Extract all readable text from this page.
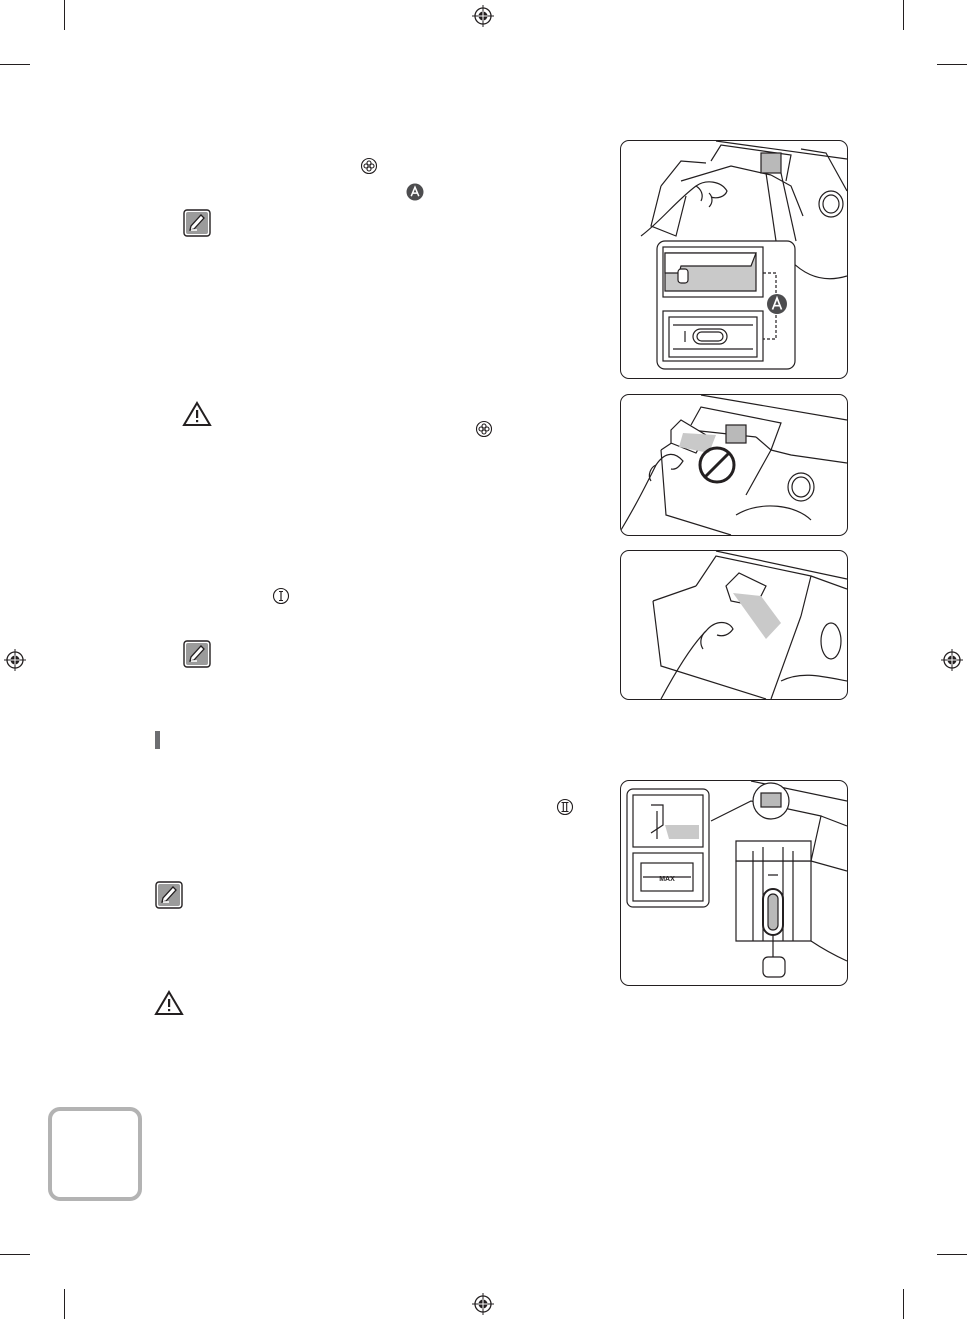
MAX
